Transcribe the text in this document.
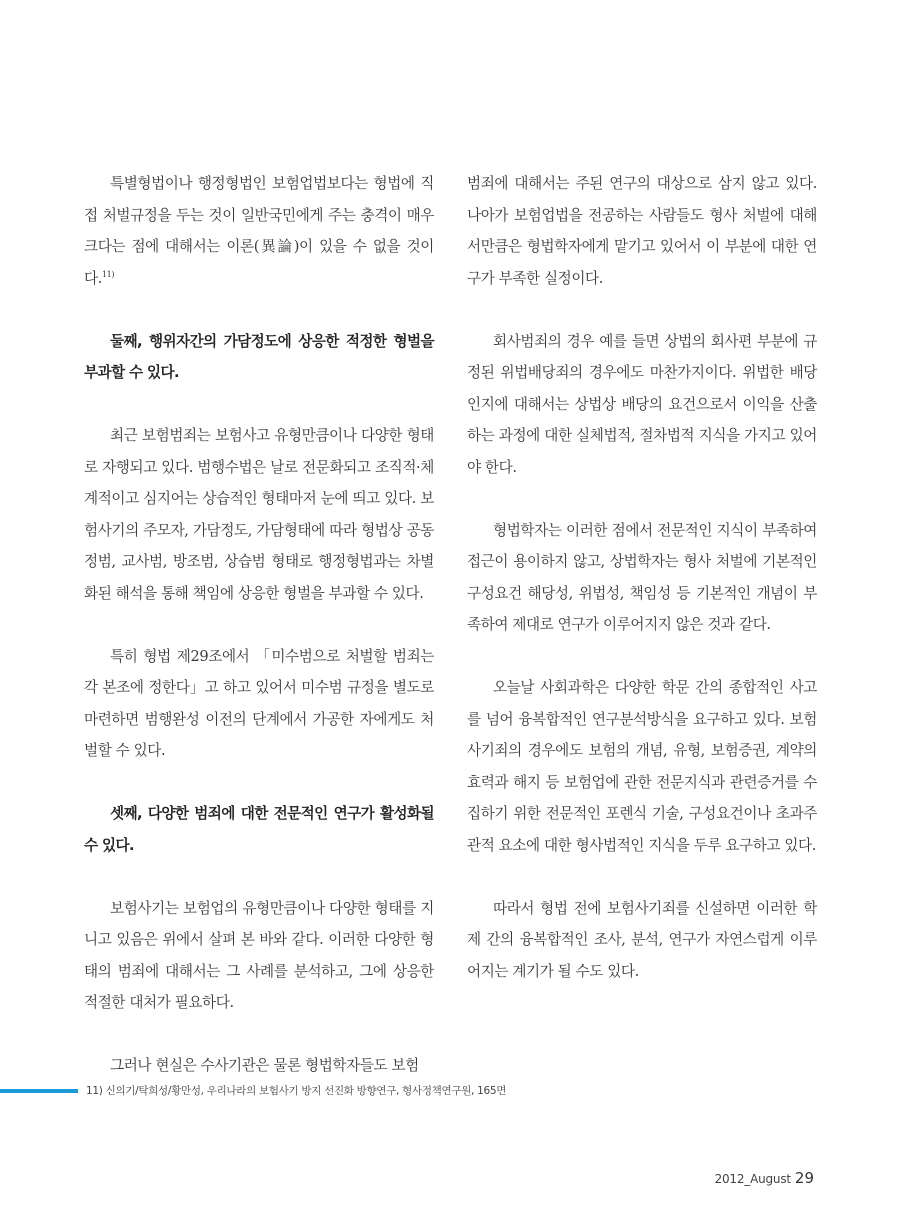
특별형법이나 행정형법인 보험업법보다는 형법에 직접 처벌규정을 두는 것이 일반국민에게 주는 충격이 매우 크다는 점에 대해서는 이론(異論)이 있을 수 없을 것이다.$^{11)}$

둘째, 행위자간의 가담정도에 상응한 적정한 형벌을 부과할 수 있다.

최근 보험범죄는 보험사고 유형만큼이나 다양한 형태로 자행되고 있다. 범행수법은 날로 전문화되고 조직적·체계적이고 심지어는 상습적인 형태마저 눈에 띄고 있다. 보험사기의 주모자, 가담정도, 가담형태에 따라 형법상 공동정범, 교사범, 방조범, 상습범 형태로 행정형법과는 차별화된 해석을 통해 책임에 상응한 형벌을 부과할 수 있다.

특히 형법 제29조에서 「미수범으로 처벌할 범죄는 각 본조에 정한다」고 하고 있어서 미수범 규정을 별도로 마련하면 범행완성 이전의 단계에서 가공한 자에게도 처벌할 수 있다.

셋째, 다양한 범죄에 대한 전문적인 연구가 활성화될 수 있다.

보험사기는 보험업의 유형만큼이나 다양한 형태를 지니고 있음은 위에서 살펴 본 바와 같다. 이러한 다양한 형태의 범죄에 대해서는 그 사례를 분석하고, 그에 상응한 적절한 대처가 필요하다.

그러나 현실은 수사기관은 물론 형법학자들도 보험

범죄에 대해서는 주된 연구의 대상으로 삼지 않고 있다. 나아가 보험업법을 전공하는 사람들도 형사 처벌에 대해서만큼은 형법학자에게 맡기고 있어서 이 부분에 대한 연구가 부족한 실정이다.

회사범죄의 경우 예를 들면 상법의 회사편 부분에 규정된 위법배당죄의 경우에도 마찬가지이다. 위법한 배당인지에 대해서는 상법상 배당의 요건으로서 이익을 산출하는 과정에 대한 실체법적, 절차법적 지식을 가지고 있어야 한다.

형법학자는 이러한 점에서 전문적인 지식이 부족하여 접근이 용이하지 않고, 상법학자는 형사 처벌에 기본적인 구성요건 해당성, 위법성, 책임성 등 기본적인 개념이 부족하여 제대로 연구가 이루어지지 않은 것과 같다.

오늘날 사회과학은 다양한 학문 간의 종합적인 사고를 넘어 융복합적인 연구분석방식을 요구하고 있다. 보험사기죄의 경우에도 보험의 개념, 유형, 보험증권, 계약의 효력과 해지 등 보험업에 관한 전문지식과 관련증거를 수집하기 위한 전문적인 포렌식 기술, 구성요건이나 초과주관적 요소에 대한 형사법적인 지식을 두루 요구하고 있다.

따라서 형법 전에 보험사기죄를 신설하면 이러한 학제 간의 융복합적인 조사, 분석, 연구가 자연스럽게 이루어지는 계기가 될 수도 있다.

11) 신의기/탁희성/황만성, 우리나라의 보험사기 방지 선진화 방향연구, 형사정책연구원, 165면
2012_August 29
